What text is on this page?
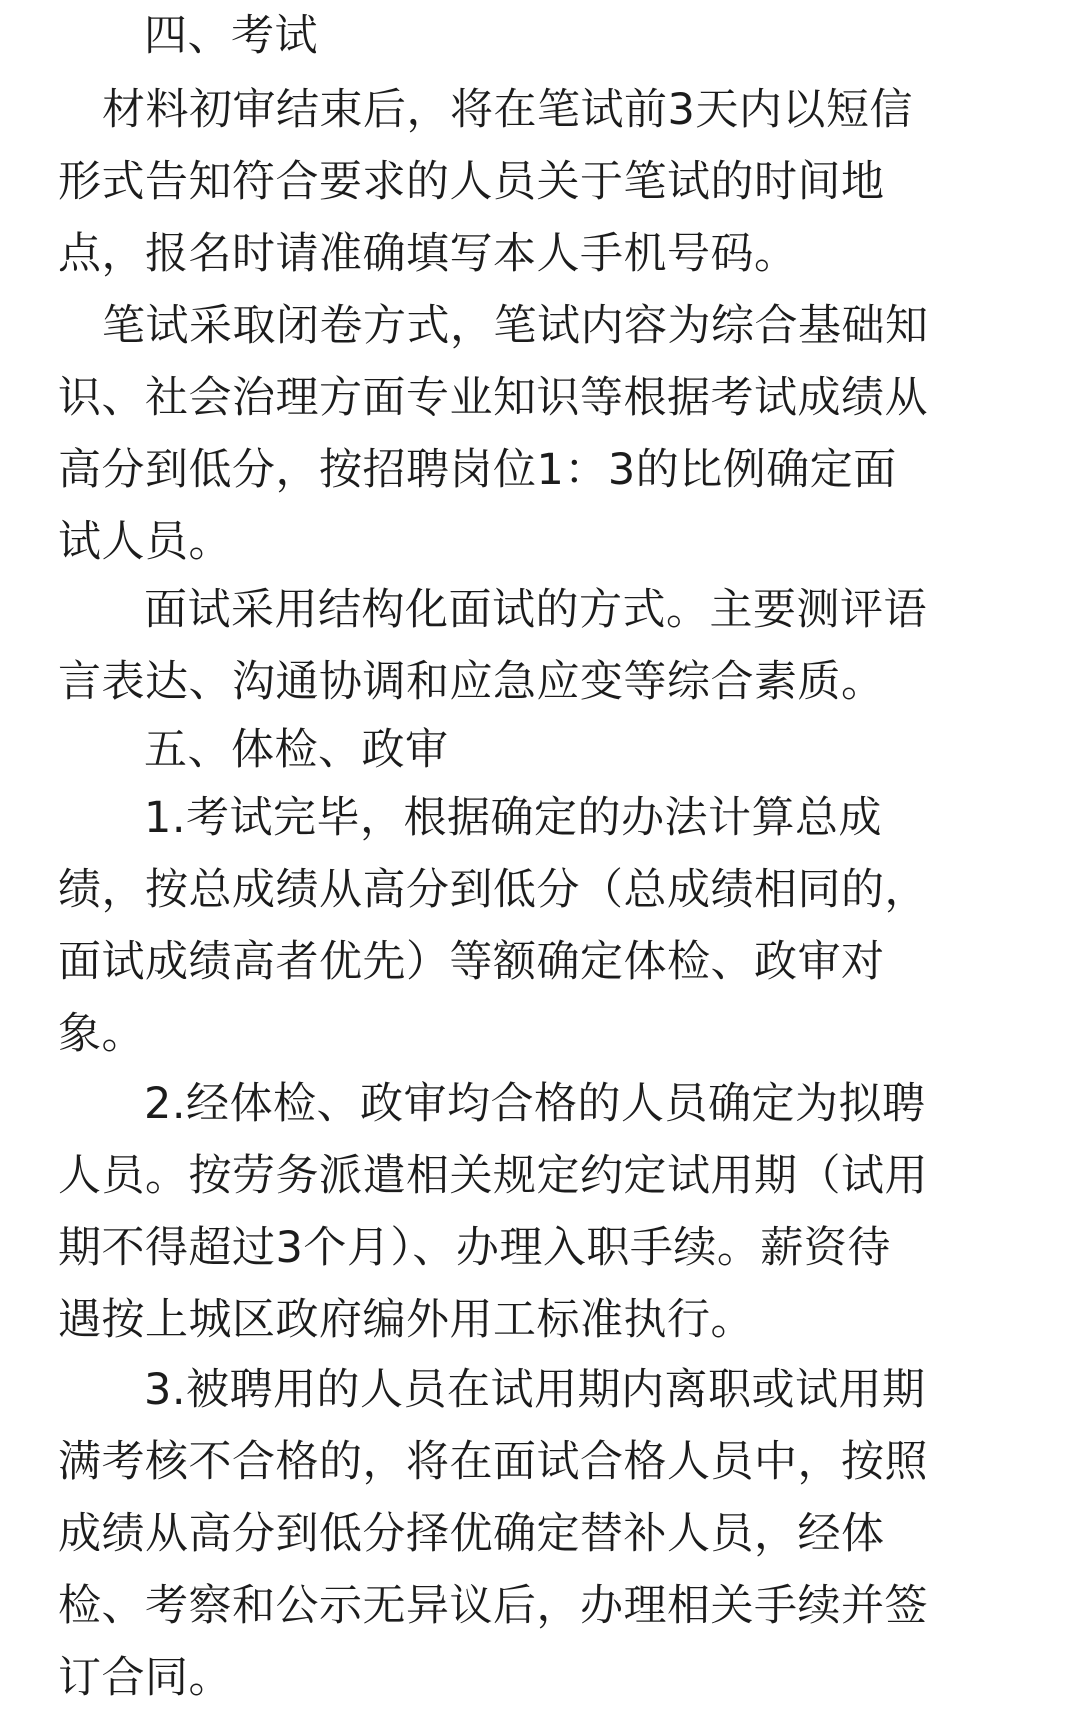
四、考试

材料初审结束后，将在笔试前3天内以短信
形式告知符合要求的人员关于笔试的时间地
点，报名时请准确填写本人手机号码。

笔试采取闭卷方式，笔试内容为综合基础知
识、社会治理方面专业知识等根据考试成绩从
高分到低分，按招聘岗位1：3的比例确定面
试人员。

面试采用结构化面试的方式。主要测评语
言表达、沟通协调和应急应变等综合素质。

五、体检、政审

1.考试完毕，根据确定的办法计算总成
绩，按总成绩从高分到低分（总成绩相同的，
面试成绩高者优先）等额确定体检、政审对
象。

2.经体检、政审均合格的人员确定为拟聘
人员。按劳务派遣相关规定约定试用期（试用
期不得超过3个月）、办理入职手续。薪资待
遇按上城区政府编外用工标准执行。

3.被聘用的人员在试用期内离职或试用期
满考核不合格的，将在面试合格人员中，按照
成绩从高分到低分择优确定替补人员，经体
检、考察和公示无异议后，办理相关手续并签
订合同。
